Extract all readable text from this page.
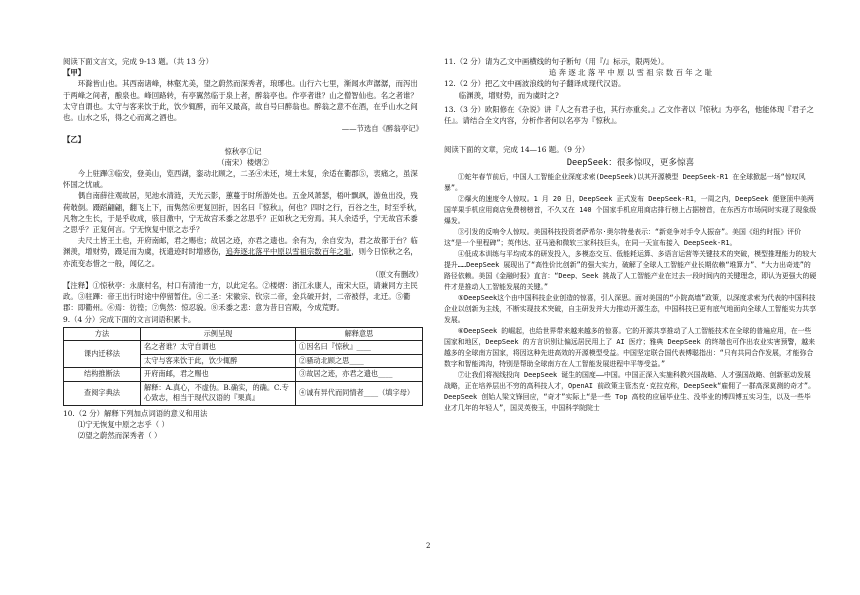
阅读下面文言文，完成 9-13 题。（共 13 分）

【甲】

环滁皆山也。其西南诸峰，林壑尤美，望之蔚然而深秀者，琅琊也。山行六七里，渐闻水声潺潺，而泻出于两峰之间者，酿泉也。峰回路转，有亭翼然临于泉上者，醉翁亭也。作亭者谁？山之僧智仙也。名之者谁？太守自谓也。太守与客来饮于此，饮少辄醉，而年又最高，故自号曰醉翁也。醉翁之意不在酒，在乎山水之间也。山水之乐，得之心而寓之酒也。

——节选自《醉翁亭记》

【乙】

惊秋亭①记

（南宋）楼熠②

今上驻蹕③临安，登美山，览西湖，銮动北顾之，二圣④未还，境土未复，余适在衢郡⑤，衷痛之，虽深怀国之忧戚。

偶自南薛往观故居，见池水清涟，天光云影，蕙蔓于时所游处也。五金风萧瑟，梧叶飘飒，游鱼出没，残荷攲倒。蹑蹈翩翩，翻飞上下，而隽然⑥更复回折，因名曰『惊秋』，何也？四时之行，百谷之生，时至乎秋，凡物之生长，于是乎收成，骇目激中，宁无故宫禾黍之忿思乎？正如秋之无穷焉。其人余适乎，宁无故宫禾黍之思乎？正复何言。宁无恢复中原之志乎？

夫尺土皆王土也，开府南邮，君之赐也；故居之迹，亦君之遗也。余有为，余自安为，君之故都于台？临渊羡，增财势，蹑足而为虞，抚遗迹时时增感伤，追奔逐北落平中原以雪祖宗数百年之耻，则今日惊秋之名，亦流变态惜之一般，闻亿之。

（原文有删改）

【注释】①惊秋亭：永康村名，村口有清池一方，以此定名。②楼熠：浙江永康人，南宋大臣，请兼同方主民政。③驻蹕：帝王出行时途中停留暂住。④二圣：宋徽宗、钦宗二帝，金兵破开封，二帝被俘，北迁。⑤衢郡：即衢州。⑥焉：彷徨；⑦隽然：惊忍貌。⑧禾黍之悲：意为昔日宫殿，今成荒野。

9.（4 分）完成下面的文言词语积累卡。

方法	示例呈现	解释意思
课内迁移法	名之者谁？太守自谓也	①因名曰『惊秋』____
	太守与客来饮于此，饮少辄醉	②骚动北顾之思____
结构推断法	开府南邮，君之赐也	③故居之迹，亦君之遗也____
查阅字典法	解释：A.真心，不虚伪。B.确实，的确。C.专心致志，相当于现代汉语的『果真』	④诚有异代而同情者____（填字母）

10.（2 分）解释下列加点词语的意义和用法

⑴宁无恢复中原之志乎（ ）

⑵望之蔚然而深秀者（ ）

11.（2 分）请为乙文中画横线的句子断句（用『/』标示，限两处）。

追 奔 逐 北 落 平 中 原 以 雪 祖 宗 数 百 年 之 耻

12.（2 分）把乙文中画波浪线的句子翻译成现代汉语。

临渊羡，增财势，而为虞时之?

13.（3 分）欧阳修在《杂说》讲『人之有君子也，其行亦重矣。』乙文作者以『惊秋』为亭名，他能体现『君子之任』。请结合全文内容，分析作者何以名亭为『惊秋』。

阅读下面的文章，完成 14—16 题。（9 分）

DeepSeek：很多惊叹，更多惊喜

①蛇年春节前后，中国人工智能企业深度求索(DeepSeek)以其开源模型 DeepSeek-R1 在全球掀起一场“惊叹风暴”。

②爆火的速度令人惊叹。1 月 20 日，DeepSeek 正式发布 DeepSeek-R1，一周之内，DeepSeek 便登顶中美两国苹果手机应用商店免费榜榜首，不久又在 140 个国家手机应用商店排行榜上占据榜首，在东西方市场同时实现了现象级爆发。

③引发的反响令人惊叹。美国科技投资者萨希尔·奥尔特曼表示：“新竞争对手令人振奋”。美国《纽约时报》评价这“是一个里程碑”；英伟达、亚马逊和微软三家科技巨头，在同一天宣布接入 DeepSeek-R1。

④低成本训练与平均成本的研发投入，多模态交互、低能耗运算、多语言运营等关键技术的突破，模型推理能力的较大提升……DeepSeek 展现出了“高性价比创新”的强大实力，破解了全球人工智能产业长期依赖“堆算力”、“大力出奇迹”的路径依赖。美国《金融时报》直言：“Deep、Seek 挑战了人工智能产业在过去一段时间内的关键理念，即认为更强大的硬件才是推动人工智能发展的关键。”

⑤DeepSeek这个由中国科技企业创造的惊喜，引人深思。面对美国的“小院高墙”政策，以深度求索为代表的中国科技企业以创新为主线，不断实现技术突破，自主研发并大力推动开源生态，中国科技已更有底气地面向全球人工智能实力共享发展。

⑥DeepSeek 的崛起，也给世界带来越来越多的惊喜。它的开源共享推动了人工智能技术在全球的普遍应用，在一些国家和地区，DeepSeek 的方言识别让偏远居民用上了 AI 医疗；雅典 DeepSeek 的终端也可作出农业实害预警，越来越多的全球南方国家，将因这种先进高效的开源模型受益。中国坚定联合国代表傅聪指出：“只有共同合作发展，才能弥合数字和智能鸿沟，特别是帮助全球南方在人工智能发展进程中平等受益。”

⑦让我们将视线投向 DeepSeek 诞生的国度——中国。中国正深入实施科教兴国战略、人才强国战略、创新驱动发展战略，正在培养层出不穷的高科技人才，OpenAI 前政策主管杰克·克拉克称，DeepSeek“雇佣了一群高深莫测的奇才”。DeepSeek 创始人梁文锋回应，“奇才”实际上“是一些 Top 高校的应届毕业生、没毕业的博四博五实习生，以及一些毕业才几年的年轻人”，国灵英俊玉，中国科学院院士

2
